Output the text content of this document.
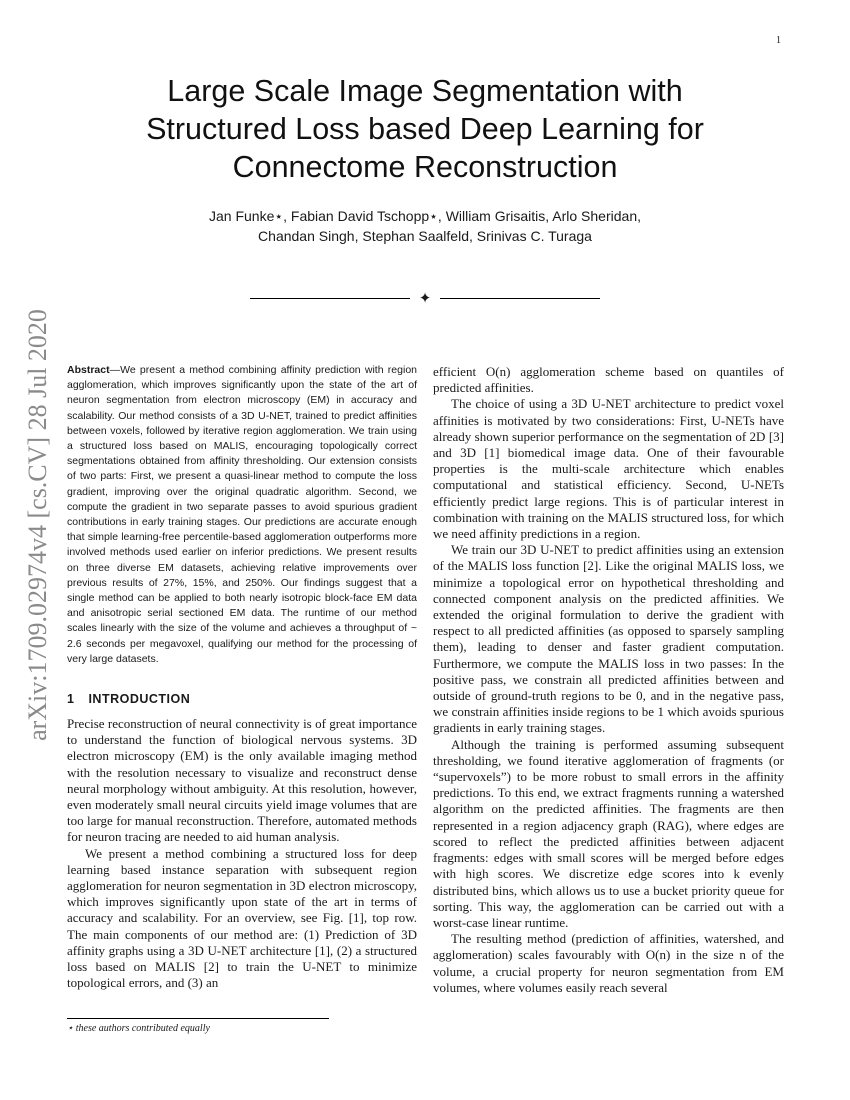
1
arXiv:1709.02974v4 [cs.CV] 28 Jul 2020
Large Scale Image Segmentation with
Structured Loss based Deep Learning for
Connectome Reconstruction
Jan Funke⋆, Fabian David Tschopp⋆, William Grisaitis, Arlo Sheridan,
Chandan Singh, Stephan Saalfeld, Srinivas C. Turaga
✦
Abstract—We present a method combining affinity prediction with region agglomeration, which improves significantly upon the state of the art of neuron segmentation from electron microscopy (EM) in accuracy and scalability. Our method consists of a 3D U-NET, trained to predict affinities between voxels, followed by iterative region agglomeration. We train using a structured loss based on MALIS, encouraging topologically correct segmentations obtained from affinity thresholding. Our extension consists of two parts: First, we present a quasi-linear method to compute the loss gradient, improving over the original quadratic algorithm. Second, we compute the gradient in two separate passes to avoid spurious gradient contributions in early training stages. Our predictions are accurate enough that simple learning-free percentile-based agglomeration outperforms more involved methods used earlier on inferior predictions. We present results on three diverse EM datasets, achieving relative improvements over previous results of 27%, 15%, and 250%. Our findings suggest that a single method can be applied to both nearly isotropic block-face EM data and anisotropic serial sectioned EM data. The runtime of our method scales linearly with the size of the volume and achieves a throughput of ~ 2.6 seconds per megavoxel, qualifying our method for the processing of very large datasets.
1 INTRODUCTION

Precise reconstruction of neural connectivity is of great importance to understand the function of biological nervous systems. 3D electron microscopy (EM) is the only available imaging method with the resolution necessary to visualize and reconstruct dense neural morphology without ambiguity. At this resolution, however, even moderately small neural circuits yield image volumes that are too large for manual reconstruction. Therefore, automated methods for neuron tracing are needed to aid human analysis.

We present a method combining a structured loss for deep learning based instance separation with subsequent region agglomeration for neuron segmentation in 3D electron microscopy, which improves significantly upon state of the art in terms of accuracy and scalability. For an overview, see Fig. [1], top row. The main components of our method are: (1) Prediction of 3D affinity graphs using a 3D U-NET architecture [1], (2) a structured loss based on MALIS [2] to train the U-NET to minimize topological errors, and (3) an

efficient O(n) agglomeration scheme based on quantiles of predicted affinities.

The choice of using a 3D U-NET architecture to predict voxel affinities is motivated by two considerations: First, U-NETs have already shown superior performance on the segmentation of 2D [3] and 3D [1] biomedical image data. One of their favourable properties is the multi-scale architecture which enables computational and statistical efficiency. Second, U-NETs efficiently predict large regions. This is of particular interest in combination with training on the MALIS structured loss, for which we need affinity predictions in a region.

We train our 3D U-NET to predict affinities using an extension of the MALIS loss function [2]. Like the original MALIS loss, we minimize a topological error on hypothetical thresholding and connected component analysis on the predicted affinities. We extended the original formulation to derive the gradient with respect to all predicted affinities (as opposed to sparsely sampling them), leading to denser and faster gradient computation. Furthermore, we compute the MALIS loss in two passes: In the positive pass, we constrain all predicted affinities between and outside of ground-truth regions to be 0, and in the negative pass, we constrain affinities inside regions to be 1 which avoids spurious gradients in early training stages.

Although the training is performed assuming subsequent thresholding, we found iterative agglomeration of fragments (or “supervoxels”) to be more robust to small errors in the affinity predictions. To this end, we extract fragments running a watershed algorithm on the predicted affinities. The fragments are then represented in a region adjacency graph (RAG), where edges are scored to reflect the predicted affinities between adjacent fragments: edges with small scores will be merged before edges with high scores. We discretize edge scores into k evenly distributed bins, which allows us to use a bucket priority queue for sorting. This way, the agglomeration can be carried out with a worst-case linear runtime.

The resulting method (prediction of affinities, watershed, and agglomeration) scales favourably with O(n) in the size n of the volume, a crucial property for neuron segmentation from EM volumes, where volumes easily reach several

⋆ these authors contributed equally
